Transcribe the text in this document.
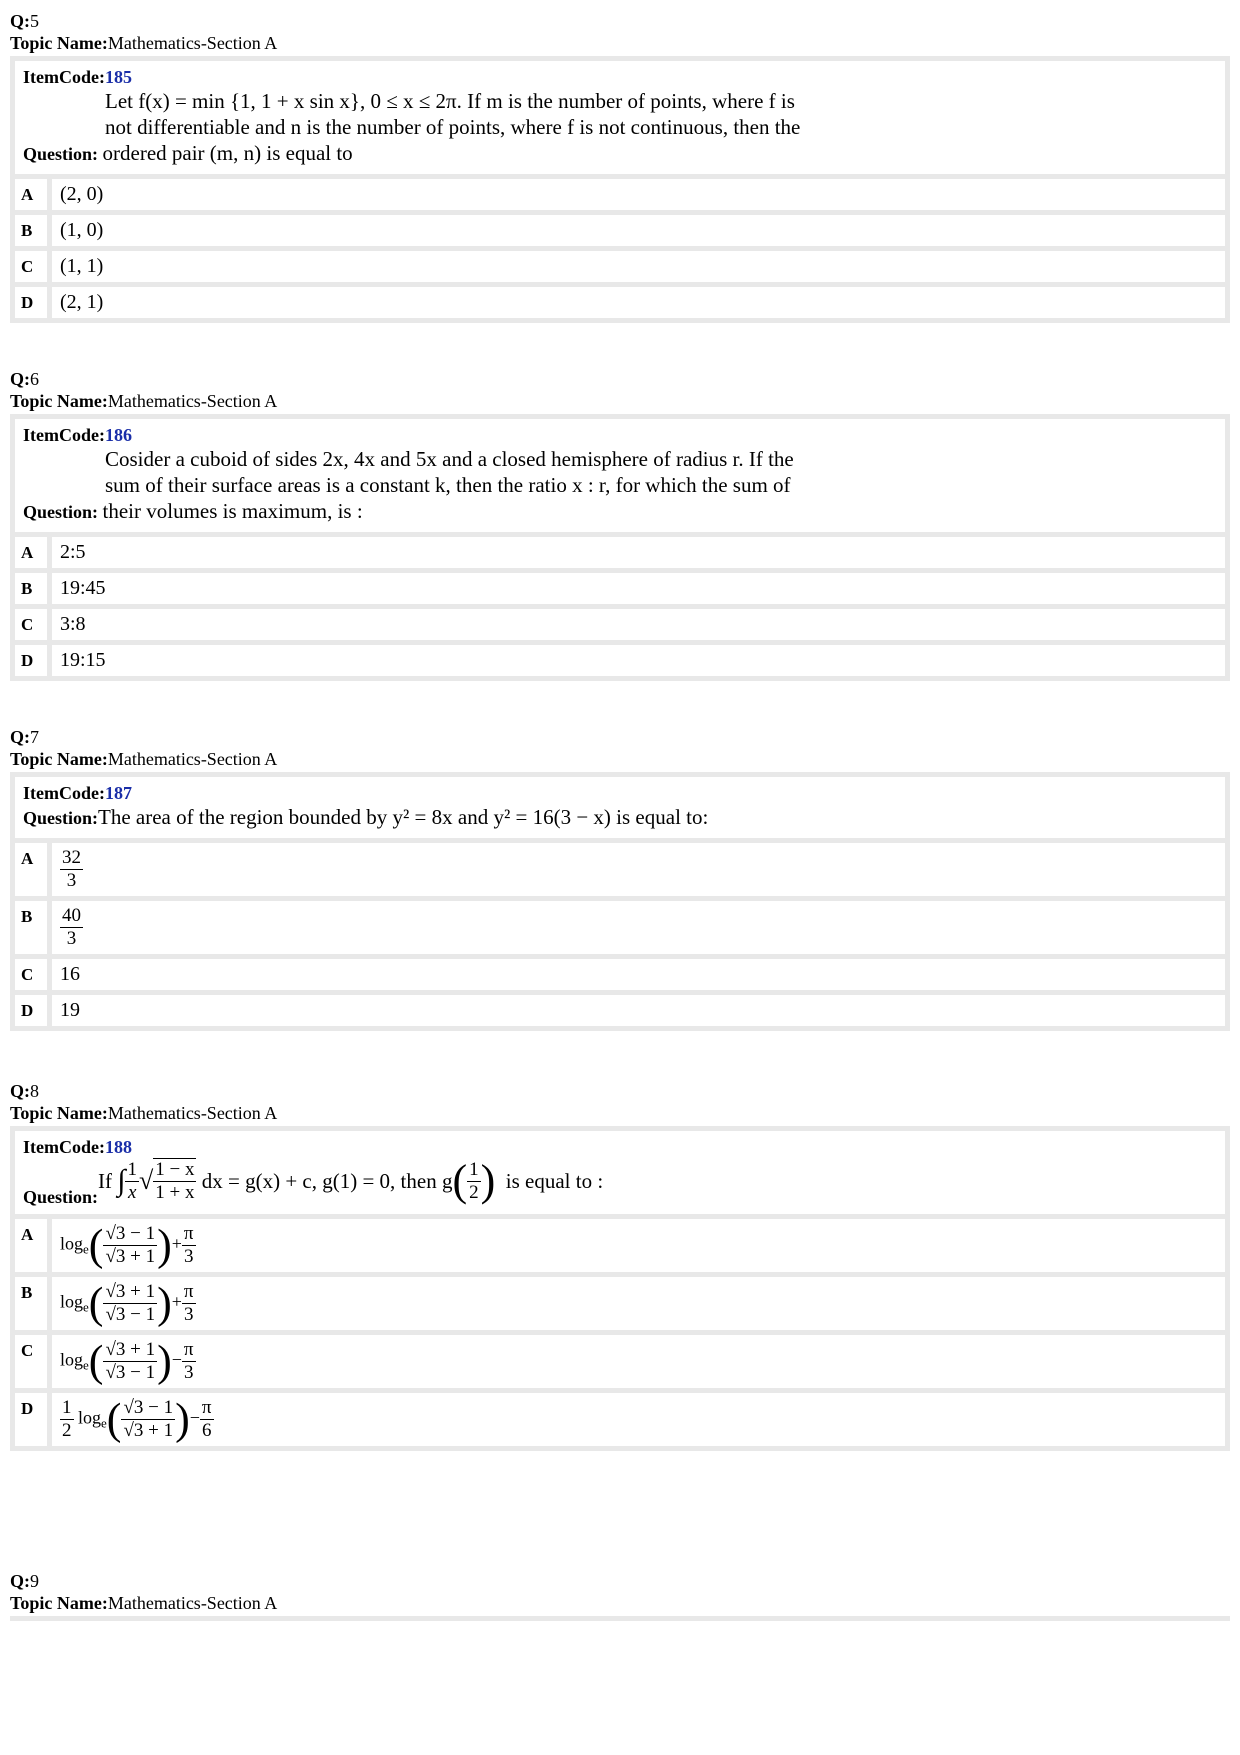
Q:5
Topic Name:Mathematics-Section A
ItemCode:185
Let f(x) = min {1, 1 + x sin x}, 0 ≤ x ≤ 2π. If m is the number of points, where f is
not differentiable and n is the number of points, where f is not continuous, then the
Question: ordered pair (m, n) is equal to
A	(2, 0)
B	(1, 0)
C	(1, 1)
D	(2, 1)
Q:6
Topic Name:Mathematics-Section A
ItemCode:186
Cosider a cuboid of sides 2x, 4x and 5x and a closed hemisphere of radius r. If the
sum of their surface areas is a constant k, then the ratio x : r, for which the sum of
Question: their volumes is maximum, is :
A	2:5
B	19:45
C	3:8
D	19:15
Q:7
Topic Name:Mathematics-Section A
ItemCode:187
Question:The area of the region bounded by y² = 8x and y² = 16(3 − x) is equal to:
A	$\frac{32}{3}$
B	$\frac{40}{3}$
C	16
D	19
Q:8
Topic Name:Mathematics-Section A
ItemCode:188
Question:
If
∫ $\frac{1}{x}$ √ $\frac{1 - x}{1 + x}$
dx = g(x) + c, g(1) = 0, then g ( $\frac{1}{2}$ )
is equal to :
A	$\log_e( \frac{√3 - 1}{√3 + 1}$ )+ $\frac{\pi}{3}$
B	$\log_e( \frac{√3 + 1}{√3 - 1}$ )+ $\frac{\pi}{3}$
C	$\log_e( \frac{√3 + 1}{√3 - 1}$ )− $\frac{\pi}{3}$
D	$\frac{1}{2} \log_e( \frac{√3 - 1}{√3 + 1}$ )− $\frac{\pi}{6}$
Q:9
Topic Name:Mathematics-Section A
